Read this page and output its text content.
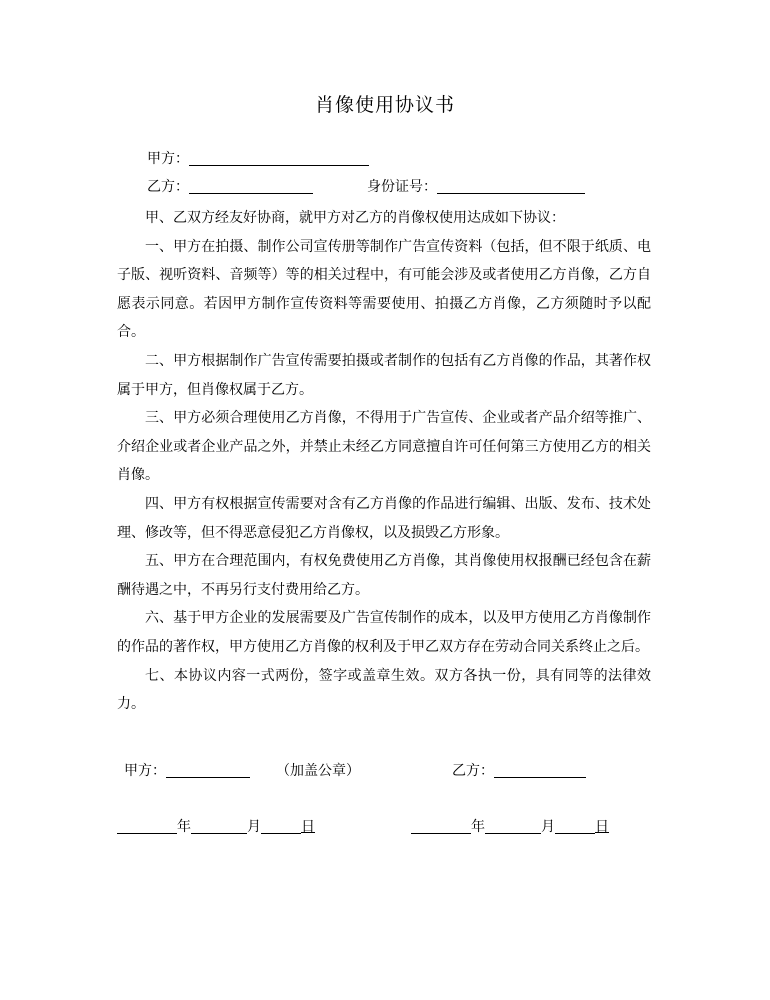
肖像使用协议书
甲方：
乙方：	身份证号：

甲、乙双方经友好协商，就甲方对乙方的肖像权使用达成如下协议：

一、甲方在拍摄、制作公司宣传册等制作广告宣传资料（包括，但不限于纸质、电子版、视听资料、音频等）等的相关过程中，有可能会涉及或者使用乙方肖像，乙方自愿表示同意。若因甲方制作宣传资料等需要使用、拍摄乙方肖像，乙方须随时予以配合。

二、甲方根据制作广告宣传需要拍摄或者制作的包括有乙方肖像的作品，其著作权属于甲方，但肖像权属于乙方。

三、甲方必须合理使用乙方肖像，不得用于广告宣传、企业或者产品介绍等推广、介绍企业或者企业产品之外，并禁止未经乙方同意擅自许可任何第三方使用乙方的相关肖像。

四、甲方有权根据宣传需要对含有乙方肖像的作品进行编辑、出版、发布、技术处理、修改等，但不得恶意侵犯乙方肖像权，以及损毁乙方形象。

五、甲方在合理范围内，有权免费使用乙方肖像，其肖像使用权报酬已经包含在薪酬待遇之中，不再另行支付费用给乙方。

六、基于甲方企业的发展需要及广告宣传制作的成本，以及甲方使用乙方肖像制作的作品的著作权，甲方使用乙方肖像的权利及于甲乙双方存在劳动合同关系终止之后。

七、本协议内容一式两份，签字或盖章生效。双方各执一份，具有同等的法律效力。

甲方：	（加盖公章）	乙方：
年	月	日	年	月	日
